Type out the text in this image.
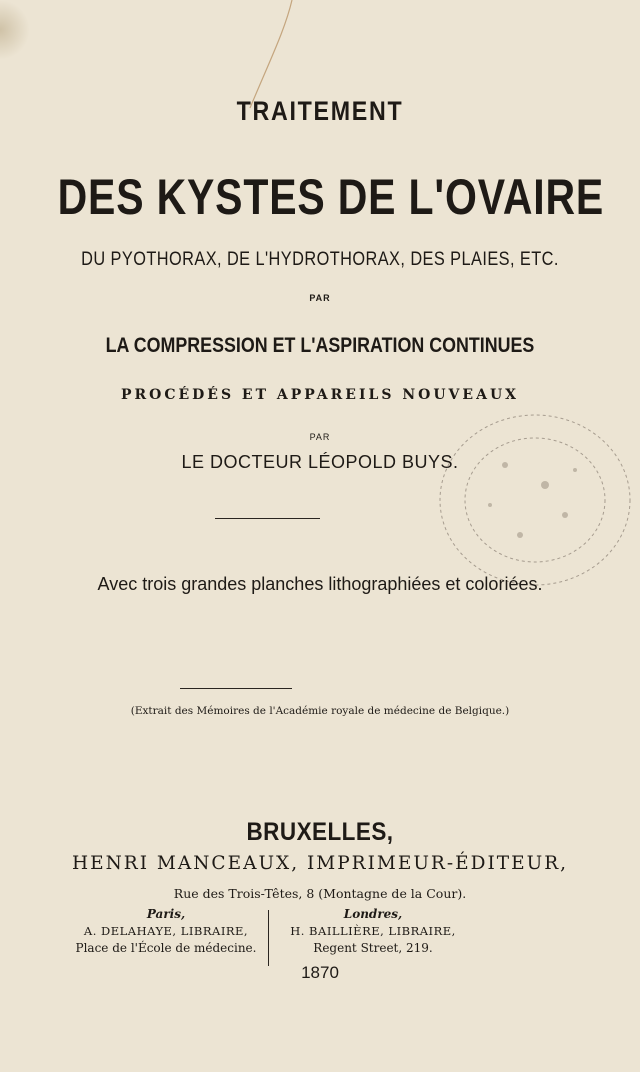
TRAITEMENT
DES KYSTES DE L'OVAIRE
DU PYOTHORAX, DE L'HYDROTHORAX, DES PLAIES, ETC.
PAR
LA COMPRESSION ET L'ASPIRATION CONTINUES
PROCÉDÉS ET APPAREILS NOUVEAUX
PAR
LE DOCTEUR LÉOPOLD BUYS.
Avec trois grandes planches lithographiées et coloriées.
(Extrait des Mémoires de l'Académie royale de médecine de Belgique.)
BRUXELLES,
HENRI MANCEAUX, IMPRIMEUR-ÉDITEUR,
Rue des Trois-Têtes, 8 (Montagne de la Cour).
Paris,
A. DELAHAYE, LIBRAIRE,
Place de l'École de médecine.
Londres,
H. BAILLIÈRE, LIBRAIRE,
Regent Street, 219.
1870
